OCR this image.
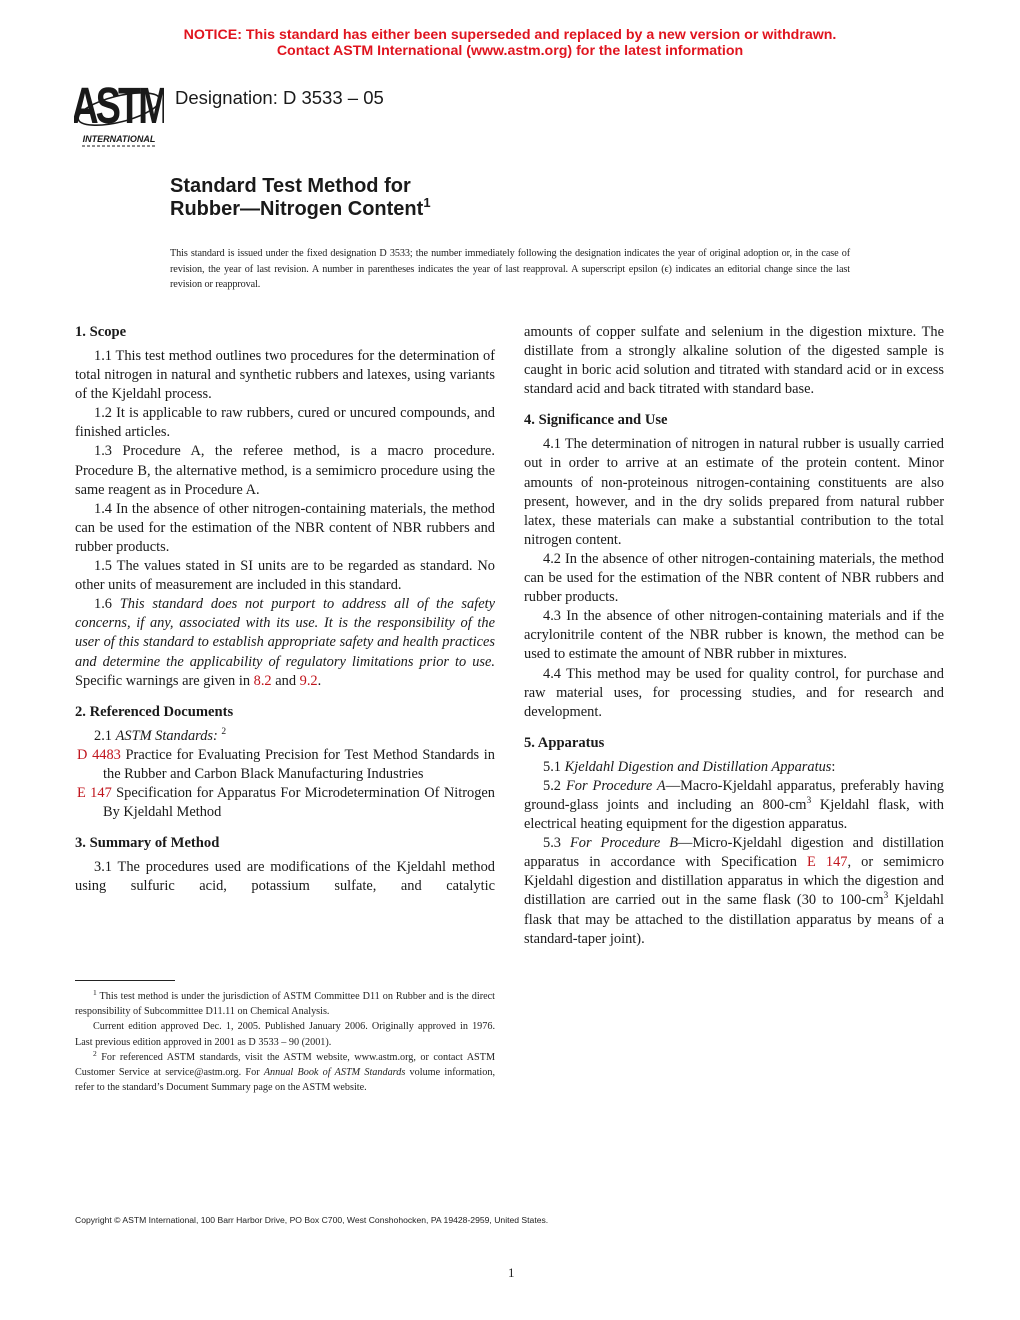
NOTICE: This standard has either been superseded and replaced by a new version or withdrawn.
Contact ASTM International (www.astm.org) for the latest information
ASTM
INTERNATIONAL
Designation: D 3533 – 05
Standard Test Method for
Rubber—Nitrogen Content$^1$
This standard is issued under the fixed designation D 3533; the number immediately following the designation indicates the year of original adoption or, in the case of revision, the year of last revision. A number in parentheses indicates the year of last reapproval. A superscript epsilon (ϵ) indicates an editorial change since the last revision or reapproval.
1. Scope

1.1 This test method outlines two procedures for the determination of total nitrogen in natural and synthetic rubbers and latexes, using variants of the Kjeldahl process.

1.2 It is applicable to raw rubbers, cured or uncured compounds, and finished articles.

1.3 Procedure A, the referee method, is a macro procedure. Procedure B, the alternative method, is a semimicro procedure using the same reagent as in Procedure A.

1.4 In the absence of other nitrogen-containing materials, the method can be used for the estimation of the NBR content of NBR rubbers and rubber products.

1.5 The values stated in SI units are to be regarded as standard. No other units of measurement are included in this standard.

1.6 This standard does not purport to address all of the safety concerns, if any, associated with its use. It is the responsibility of the user of this standard to establish appropriate safety and health practices and determine the applicability of regulatory limitations prior to use. Specific warnings are given in 8.2 and 9.2.

2. Referenced Documents

2.1 ASTM Standards: $^2$

D 4483 Practice for Evaluating Precision for Test Method Standards in the Rubber and Carbon Black Manufacturing Industries

E 147 Specification for Apparatus For Microdetermination Of Nitrogen By Kjeldahl Method

3. Summary of Method

3.1 The procedures used are modifications of the Kjeldahl method using sulfuric acid, potassium sulfate, and catalytic

$^1$ This test method is under the jurisdiction of ASTM Committee D11 on Rubber and is the direct responsibility of Subcommittee D11.11 on Chemical Analysis.

Current edition approved Dec. 1, 2005. Published January 2006. Originally approved in 1976. Last previous edition approved in 2001 as D 3533 – 90 (2001).

$^2$ For referenced ASTM standards, visit the ASTM website, www.astm.org, or contact ASTM Customer Service at service@astm.org. For Annual Book of ASTM Standards volume information, refer to the standard’s Document Summary page on the ASTM website.

amounts of copper sulfate and selenium in the digestion mixture. The distillate from a strongly alkaline solution of the digested sample is caught in boric acid solution and titrated with standard acid or in excess standard acid and back titrated with standard base.

4. Significance and Use

4.1 The determination of nitrogen in natural rubber is usually carried out in order to arrive at an estimate of the protein content. Minor amounts of non-proteinous nitrogen-containing constituents are also present, however, and in the dry solids prepared from natural rubber latex, these materials can make a substantial contribution to the total nitrogen content.

4.2 In the absence of other nitrogen-containing materials, the method can be used for the estimation of the NBR content of NBR rubbers and rubber products.

4.3 In the absence of other nitrogen-containing materials and if the acrylonitrile content of the NBR rubber is known, the method can be used to estimate the amount of NBR rubber in mixtures.

4.4 This method may be used for quality control, for purchase and raw material uses, for processing studies, and for research and development.

5. Apparatus

5.1 Kjeldahl Digestion and Distillation Apparatus:

5.2 For Procedure A—Macro-Kjeldahl apparatus, preferably having ground-glass joints and including an $800-cm^3$ Kjeldahl flask, with electrical heating equipment for the digestion apparatus.

5.3 For Procedure B—Micro-Kjeldahl digestion and distillation apparatus in accordance with Specification E 147, or semimicro Kjeldahl digestion and distillation apparatus in which the digestion and distillation are carried out in the same flask (30 to $100-cm^3$ Kjeldahl flask that may be attached to the distillation apparatus by means of a standard-taper joint).

Copyright © ASTM International, 100 Barr Harbor Drive, PO Box C700, West Conshohocken, PA 19428-2959, United States.
1
